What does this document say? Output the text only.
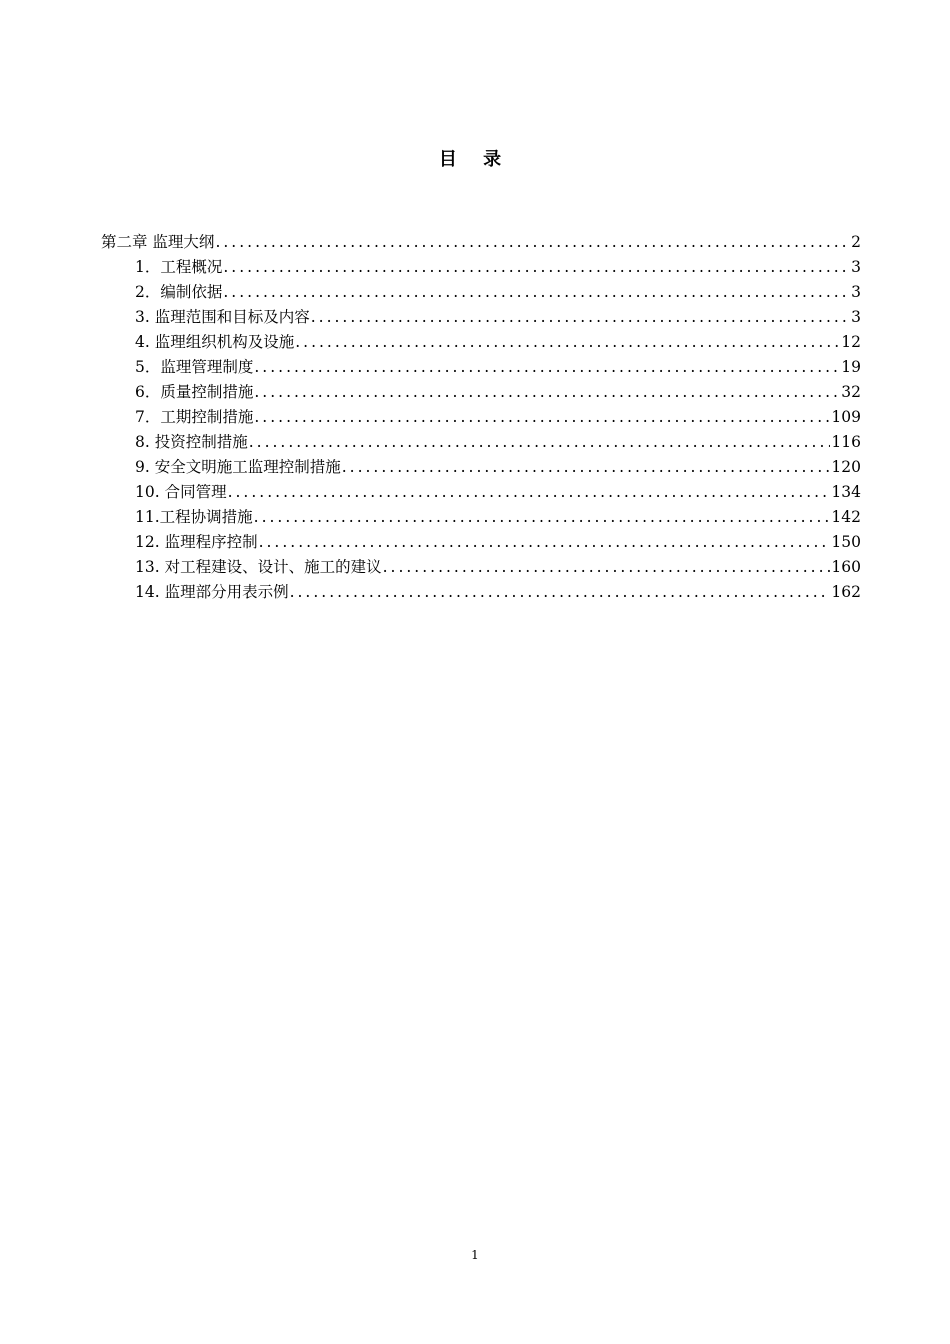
目 录
第二章 监理大纲 .....	2
1．工程概况 .....	3
2．编制依据 .....	3
3. 监理范围和目标及内容 .....	3
4. 监理组织机构及设施 .....	12
5．监理管理制度 .....	19
6．质量控制措施 .....	32
7．工期控制措施 .....	109
8. 投资控制措施 .....	116
9. 安全文明施工监理控制措施 .....	120
10. 合同管理 .....	134
11.工程协调措施 .....	142
12. 监理程序控制 .....	150
13. 对工程建设、设计、施工的建议 .....	160
14. 监理部分用表示例 .....	162
1
